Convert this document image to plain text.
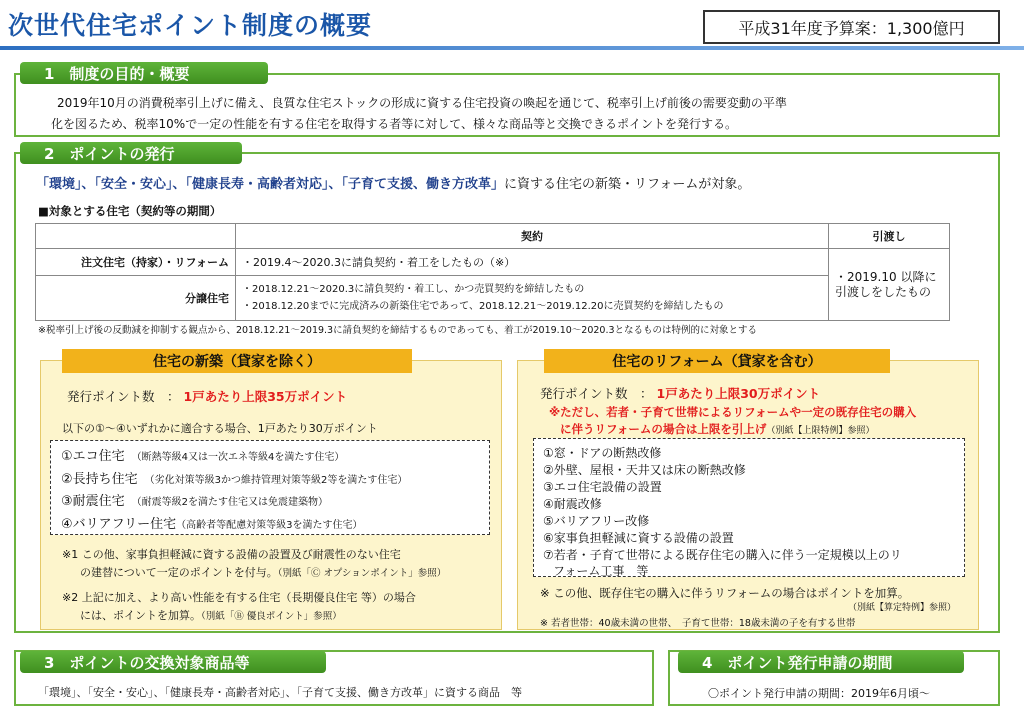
次世代住宅ポイント制度の概要	平成31年度予算案：1,300億円
1　制度の目的・概要
2019年10月の消費税率引上げに備え、良質な住宅ストックの形成に資する住宅投資の喚起を通じて、税率引上げ前後の需要変動の平準
化を図るため、税率10%で一定の性能を有する住宅を取得する者等に対して、様々な商品等と交換できるポイントを発行する。
2　ポイントの発行
「環境」、「安全・安心」、「健康長寿・高齢者対応」、「子育て支援、働き方改革」に資する住宅の新築・リフォームが対象。
■対象とする住宅（契約等の期間）
	契約	引渡し
注文住宅（持家）・リフォーム	・2019.4～2020.3に請負契約・着工をしたもの（※）	・2019.10 以降に
引渡しをしたもの

分譲住宅	・2018.12.21～2020.3に請負契約・着工し、かつ売買契約を締結したもの
・2018.12.20までに完成済みの新築住宅であって、2018.12.21～2019.12.20に売買契約を締結したもの	
※税率引上げ後の反動減を抑制する観点から、2018.12.21～2019.3に請負契約を締結するものであっても、着工が2019.10～2020.3となるものは特例的に対象とする
住宅の新築（貸家を除く）
発行ポイント数　： 1戸あたり上限35万ポイント
以下の①～④いずれかに適合する場合、1戸あたり30万ポイント
①エコ住宅　 （断熱等級4又は一次エネ等級4を満たす住宅）
②長持ち住宅　 （劣化対策等級3かつ維持管理対策等級2等を満たす住宅）
③耐震住宅　 （耐震等級2を満たす住宅又は免震建築物）
④バリアフリー住宅（高齢者等配慮対策等級3を満たす住宅）
※1 この他、家事負担軽減に資する設備の設置及び耐震性のない住宅
の建替について一定のポイントを付与。（別紙「Ⓒ オプションポイント」参照）
※2 上記に加え、より高い性能を有する住宅（長期優良住宅 等）の場合
には、ポイントを加算。（別紙「Ⓑ 優良ポイント」参照）
住宅のリフォーム（貸家を含む）
発行ポイント数　： 1戸あたり上限30万ポイント
※ただし、若者・子育て世帯によるリフォームや一定の既存住宅の購入
に伴うリフォームの場合は上限を引上げ（別紙【上限特例】参照）
①窓・ドアの断熱改修
②外壁、屋根・天井又は床の断熱改修
③エコ住宅設備の設置
④耐震改修
⑤バリアフリー改修
⑥家事負担軽減に資する設備の設置
⑦若者・子育て世帯による既存住宅の購入に伴う一定規模以上のリ
フォーム工事　等
※ この他、既存住宅の購入に伴うリフォームの場合はポイントを加算。
（別紙【算定特例】参照）
※ 若者世帯：40歳未満の世帯、　子育て世帯：18歳未満の子を有する世帯
3　ポイントの交換対象商品等
「環境」、「安全・安心」、「健康長寿・高齢者対応」、「子育て支援、働き方改革」に資する商品　等
4　ポイント発行申請の期間
〇ポイント発行申請の期間：2019年6月頃～
